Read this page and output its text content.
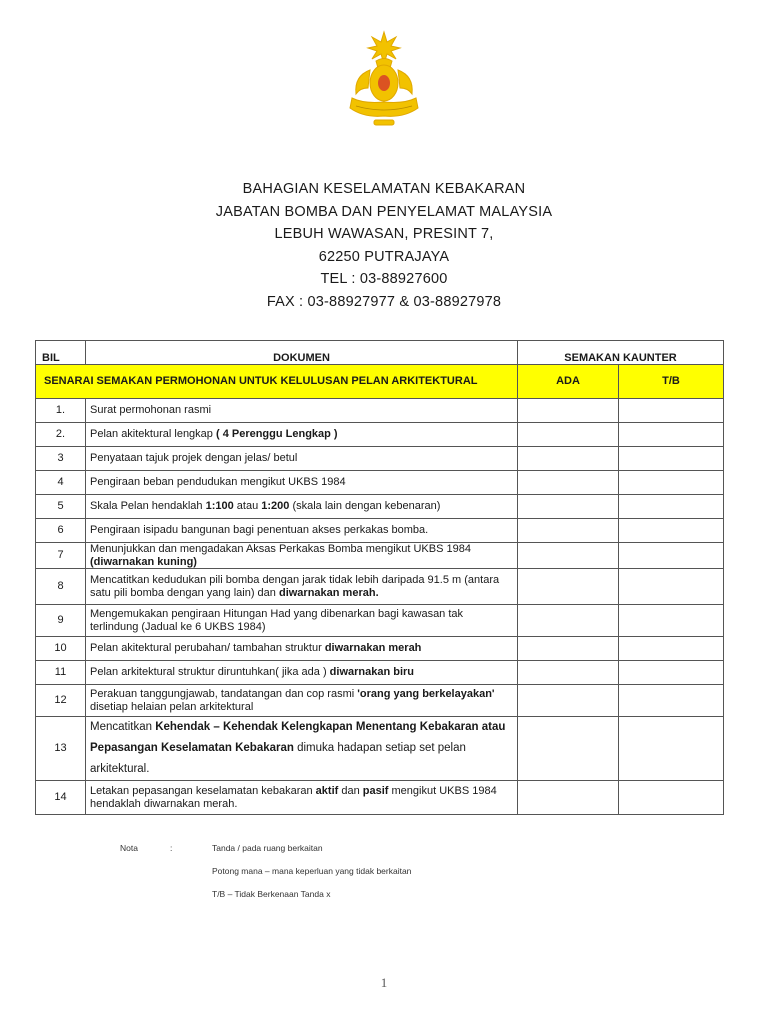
BAHAGIAN KESELAMATAN KEBAKARAN
JABATAN BOMBA DAN PENYELAMAT MALAYSIA
LEBUH WAWASAN, PRESINT 7,
62250 PUTRAJAYA
TEL : 03-88927600
FAX : 03-88927977 & 03-88927978
BIL	DOKUMEN	SEMAKAN KAUNTER	
SENARAI SEMAKAN PERMOHONAN UNTUK KELULUSAN PELAN ARKITEKTURAL		ADA	T/B
1.	Surat permohonan rasmi		
2.	Pelan akitektural lengkap ( 4 Perenggu Lengkap )		
3	Penyataan tajuk projek dengan jelas/ betul		
4	Pengiraan beban pendudukan mengikut UKBS 1984		
5	Skala Pelan hendaklah 1:100 atau 1:200 (skala lain dengan kebenaran)		
6	Pengiraan isipadu bangunan bagi penentuan akses perkakas bomba.		
7	Menunjukkan dan mengadakan Aksas Perkakas Bomba mengikut UKBS 1984 (diwarnakan kuning)		
8	Mencatitkan kedudukan pili bomba dengan jarak tidak lebih daripada 91.5 m (antara satu pili bomba dengan yang lain) dan diwarnakan merah.		
9	Mengemukakan pengiraan Hitungan Had yang dibenarkan bagi kawasan tak terlindung (Jadual ke 6 UKBS 1984)		
10	Pelan akitektural perubahan/ tambahan struktur diwarnakan merah		
11	Pelan arkitektural struktur diruntuhkan( jika ada ) diwarnakan biru		
12	Perakuan tanggungjawab, tandatangan dan cop rasmi 'orang yang berkelayakan' disetiap helaian pelan arkitektural		
13	Mencatitkan Kehendak – Kehendak Kelengkapan Menentang Kebakaran atau Pepasangan Keselamatan Kebakaran dimuka hadapan setiap set pelan arkitektural.		
14	Letakan pepasangan keselamatan kebakaran aktif dan pasif mengikut UKBS 1984 hendaklah diwarnakan merah.		
Nota	:	Tanda / pada ruang berkaitan
Potong mana – mana keperluan yang tidak berkaitan
T/B – Tidak Berkenaan Tanda x
1
